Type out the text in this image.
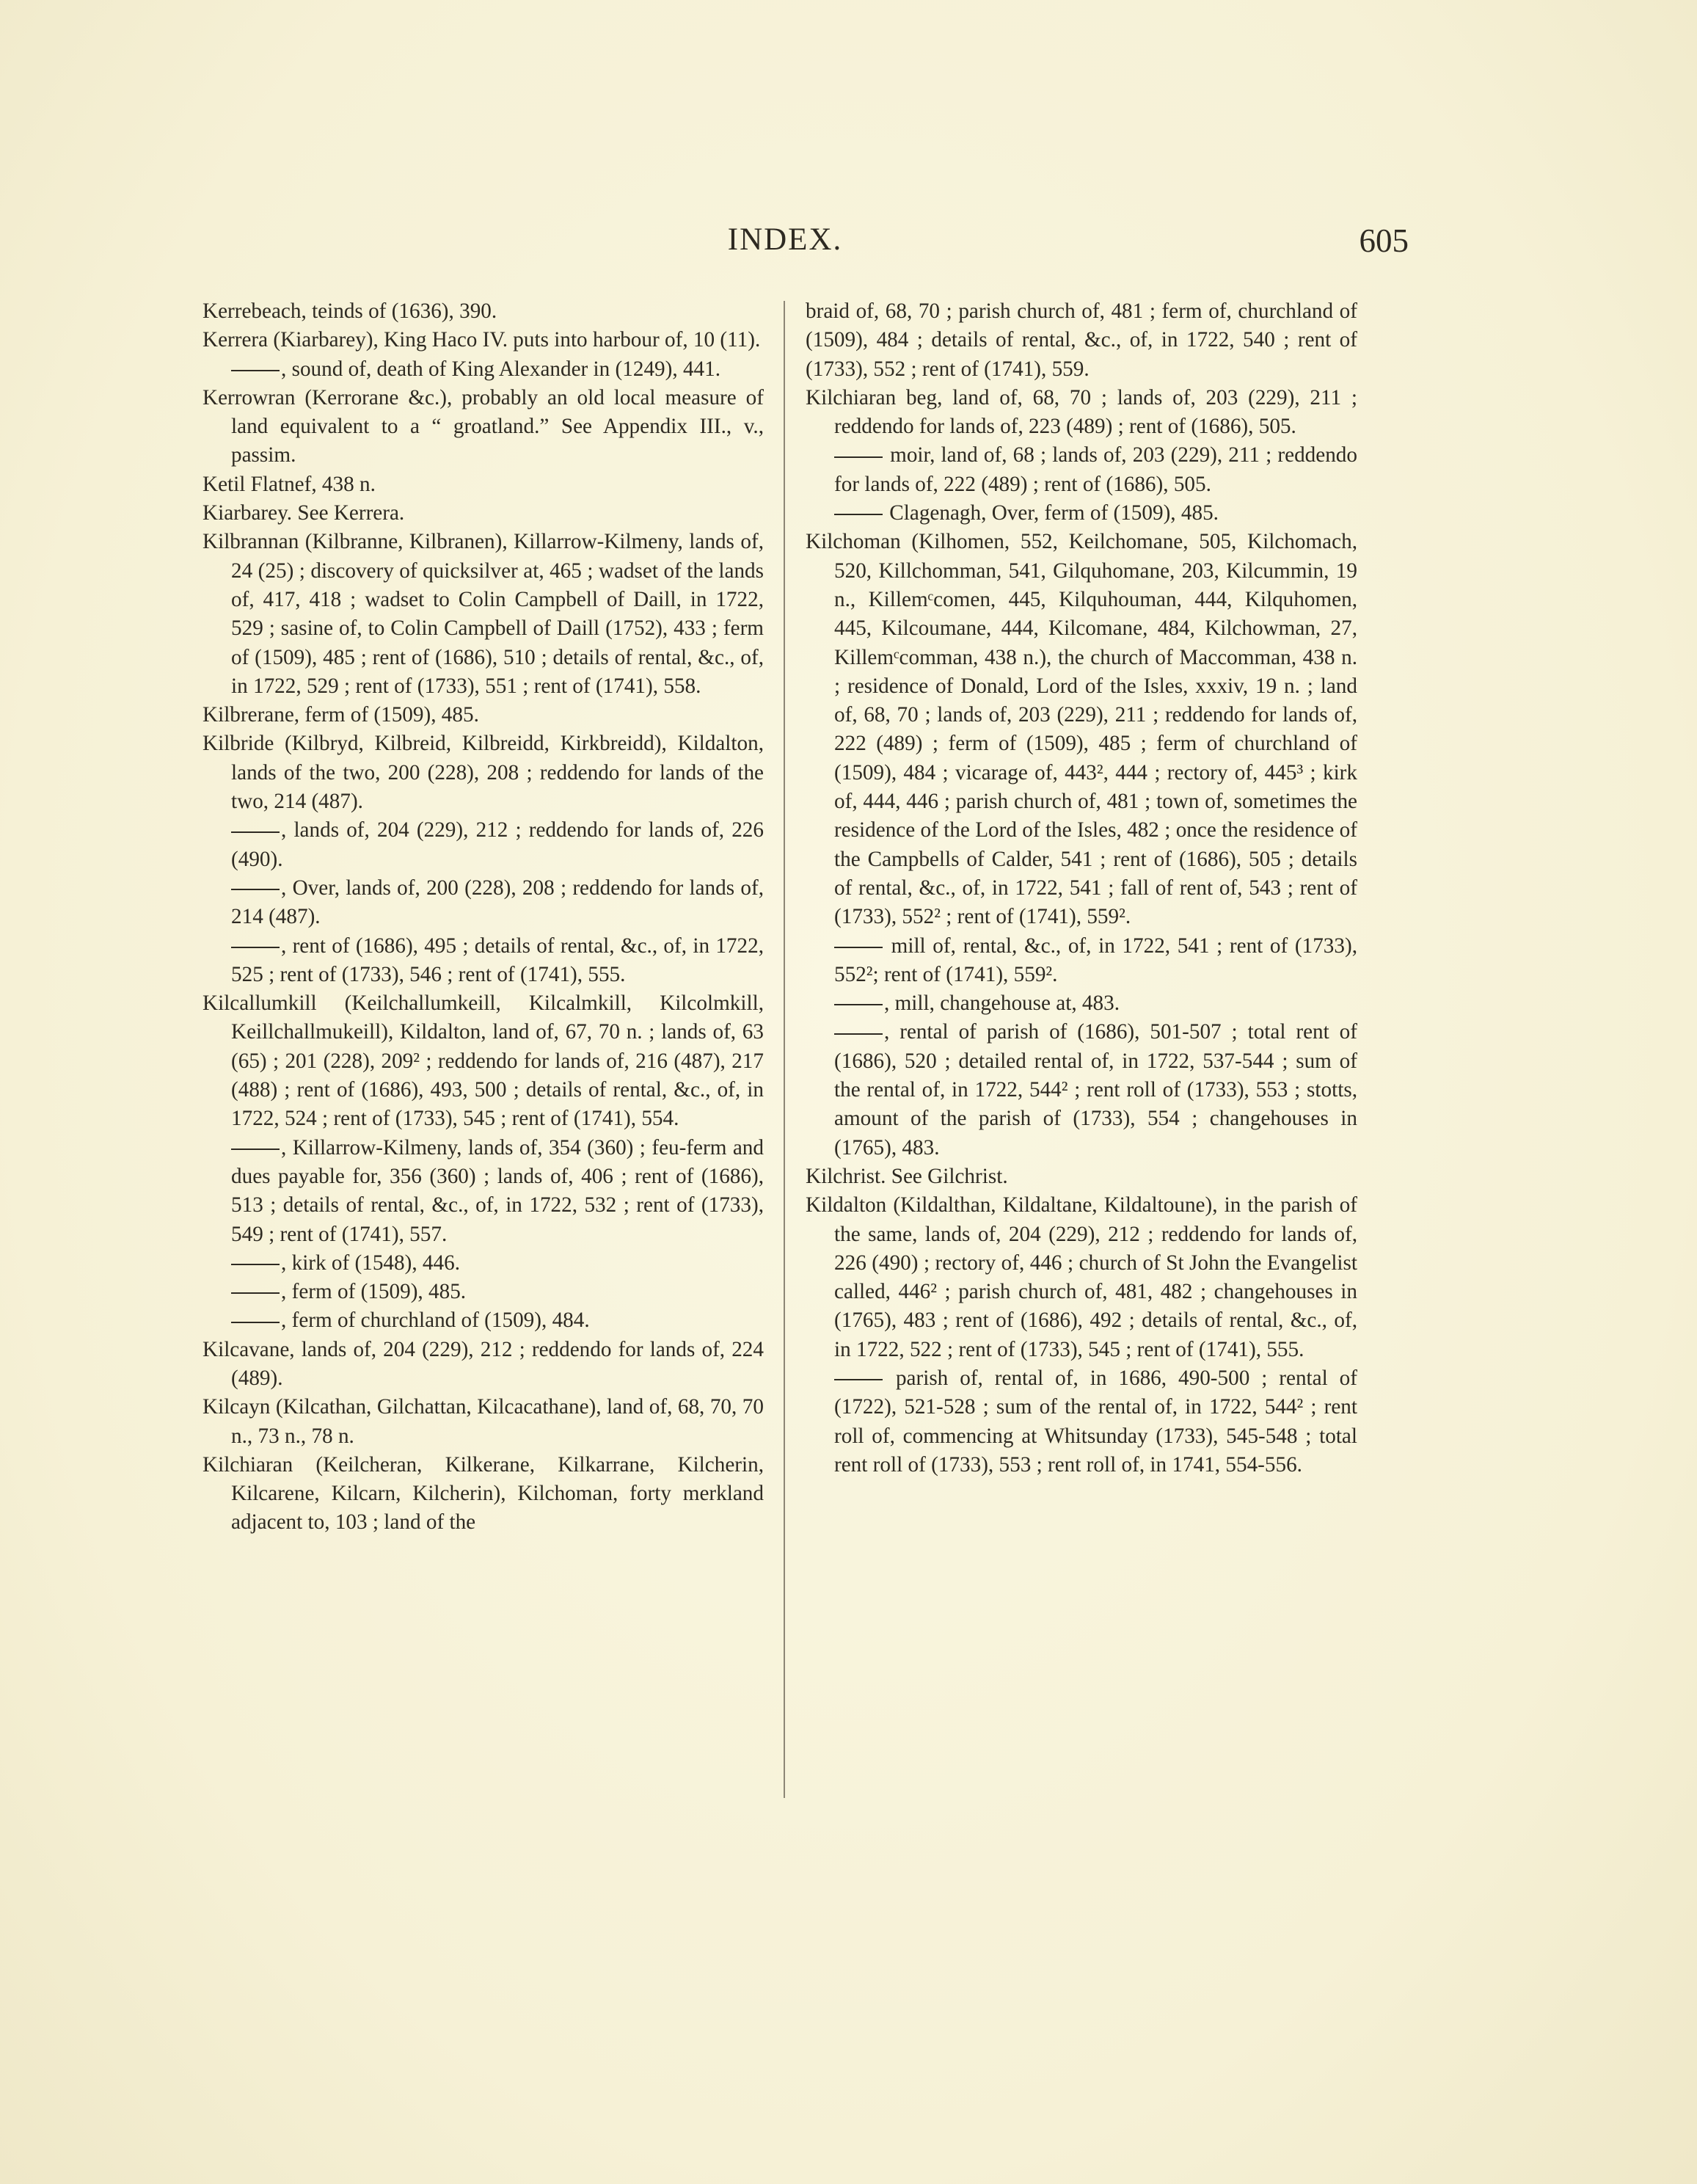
INDEX.	605

Kerrebeach, teinds of (1636), 390.

Kerrera (Kiarbarey), King Haco IV. puts into harbour of, 10 (11).

, sound of, death of King Alexander in (1249), 441.

Kerrowran (Kerrorane &c.), probably an old local measure of land equivalent to a “ groatland.” See Appendix III., v., passim.

Ketil Flatnef, 438 n.

Kiarbarey. See Kerrera.

Kilbrannan (Kilbranne, Kilbranen), Killarrow-Kilmeny, lands of, 24 (25) ; discovery of quicksilver at, 465 ; wadset of the lands of, 417, 418 ; wadset to Colin Campbell of Daill, in 1722, 529 ; sasine of, to Colin Campbell of Daill (1752), 433 ; ferm of (1509), 485 ; rent of (1686), 510 ; details of rental, &c., of, in 1722, 529 ; rent of (1733), 551 ; rent of (1741), 558.

Kilbrerane, ferm of (1509), 485.

Kilbride (Kilbryd, Kilbreid, Kilbreidd, Kirkbreidd), Kildalton, lands of the two, 200 (228), 208 ; reddendo for lands of the two, 214 (487).

, lands of, 204 (229), 212 ; reddendo for lands of, 226 (490).

, Over, lands of, 200 (228), 208 ; reddendo for lands of, 214 (487).

, rent of (1686), 495 ; details of rental, &c., of, in 1722, 525 ; rent of (1733), 546 ; rent of (1741), 555.

Kilcallumkill (Keilchallumkeill, Kilcalmkill, Kilcolmkill, Keillchallmukeill), Kildalton, land of, 67, 70 n. ; lands of, 63 (65) ; 201 (228), 209² ; reddendo for lands of, 216 (487), 217 (488) ; rent of (1686), 493, 500 ; details of rental, &c., of, in 1722, 524 ; rent of (1733), 545 ; rent of (1741), 554.

, Killarrow-Kilmeny, lands of, 354 (360) ; feu-ferm and dues payable for, 356 (360) ; lands of, 406 ; rent of (1686), 513 ; details of rental, &c., of, in 1722, 532 ; rent of (1733), 549 ; rent of (1741), 557.

, kirk of (1548), 446.

, ferm of (1509), 485.

, ferm of churchland of (1509), 484.

Kilcavane, lands of, 204 (229), 212 ; reddendo for lands of, 224 (489).

Kilcayn (Kilcathan, Gilchattan, Kilcacathane), land of, 68, 70, 70 n., 73 n., 78 n.

Kilchiaran (Keilcheran, Kilkerane, Kilkarrane, Kilcherin, Kilcarene, Kilcarn, Kilcherin), Kilchoman, forty merkland adjacent to, 103 ; land of the

braid of, 68, 70 ; parish church of, 481 ; ferm of, churchland of (1509), 484 ; details of rental, &c., of, in 1722, 540 ; rent of (1733), 552 ; rent of (1741), 559.

Kilchiaran beg, land of, 68, 70 ; lands of, 203 (229), 211 ; reddendo for lands of, 223 (489) ; rent of (1686), 505.

moir, land of, 68 ; lands of, 203 (229), 211 ; reddendo for lands of, 222 (489) ; rent of (1686), 505.

Clagenagh, Over, ferm of (1509), 485.

Kilchoman (Kilhomen, 552, Keilchomane, 505, Kilchomach, 520, Killchomman, 541, Gilquhomane, 203, Kilcummin, 19 n., Killemᶜcomen, 445, Kilquhouman, 444, Kilquhomen, 445, Kilcoumane, 444, Kilcomane, 484, Kilchowman, 27, Killemᶜcomman, 438 n.), the church of Maccomman, 438 n. ; residence of Donald, Lord of the Isles, xxxiv, 19 n. ; land of, 68, 70 ; lands of, 203 (229), 211 ; reddendo for lands of, 222 (489) ; ferm of (1509), 485 ; ferm of churchland of (1509), 484 ; vicarage of, 443², 444 ; rectory of, 445³ ; kirk of, 444, 446 ; parish church of, 481 ; town of, sometimes the residence of the Lord of the Isles, 482 ; once the residence of the Campbells of Calder, 541 ; rent of (1686), 505 ; details of rental, &c., of, in 1722, 541 ; fall of rent of, 543 ; rent of (1733), 552² ; rent of (1741), 559².

mill of, rental, &c., of, in 1722, 541 ; rent of (1733), 552²; rent of (1741), 559².

, mill, changehouse at, 483.

, rental of parish of (1686), 501-507 ; total rent of (1686), 520 ; detailed rental of, in 1722, 537-544 ; sum of the rental of, in 1722, 544² ; rent roll of (1733), 553 ; stotts, amount of the parish of (1733), 554 ; changehouses in (1765), 483.

Kilchrist. See Gilchrist.

Kildalton (Kildalthan, Kildaltane, Kildaltoune), in the parish of the same, lands of, 204 (229), 212 ; reddendo for lands of, 226 (490) ; rectory of, 446 ; church of St John the Evangelist called, 446² ; parish church of, 481, 482 ; changehouses in (1765), 483 ; rent of (1686), 492 ; details of rental, &c., of, in 1722, 522 ; rent of (1733), 545 ; rent of (1741), 555.

parish of, rental of, in 1686, 490-500 ; rental of (1722), 521-528 ; sum of the rental of, in 1722, 544² ; rent roll of, commencing at Whitsunday (1733), 545-548 ; total rent roll of (1733), 553 ; rent roll of, in 1741, 554-556.
